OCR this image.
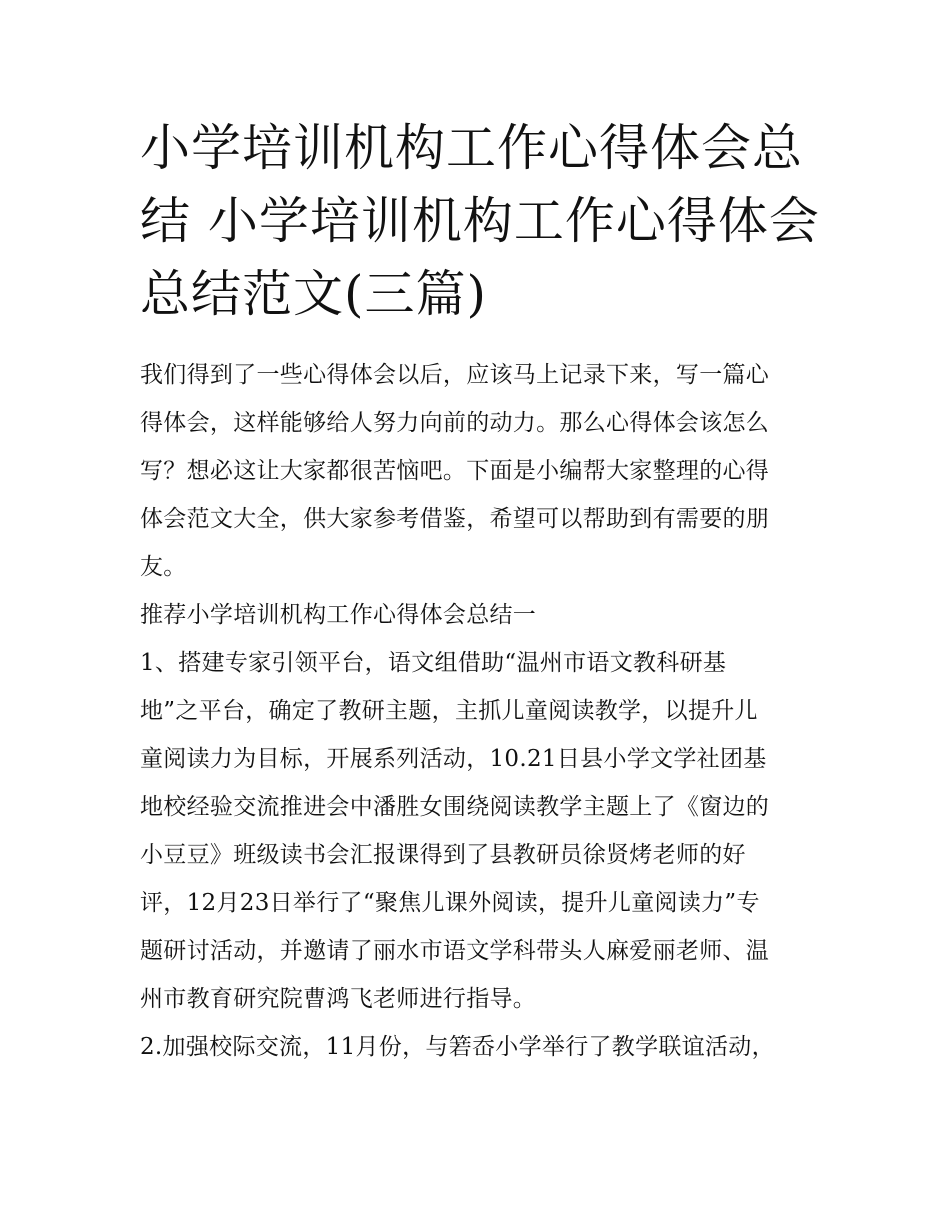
小学培训机构工作心得体会总
结 小学培训机构工作心得体会
总结范文(三篇)

我们得到了一些心得体会以后，应该马上记录下来，写一篇心
得体会，这样能够给人努力向前的动力。那么心得体会该怎么
写？想必这让大家都很苦恼吧。下面是小编帮大家整理的心得
体会范文大全，供大家参考借鉴，希望可以帮助到有需要的朋
友。

推荐小学培训机构工作心得体会总结一

1、搭建专家引领平台，语文组借助“温州市语文教科研基
地”之平台，确定了教研主题，主抓儿童阅读教学，以提升儿
童阅读力为目标，开展系列活动，10.21日县小学文学社团基
地校经验交流推进会中潘胜女围绕阅读教学主题上了《窗边的
小豆豆》班级读书会汇报课得到了县教研员徐贤烤老师的好
评，12月23日举行了“聚焦儿课外阅读，提升儿童阅读力”专
题研讨活动，并邀请了丽水市语文学科带头人麻爱丽老师、温
州市教育研究院曹鸿飞老师进行指导。

2.加强校际交流，11月份，与箬岙小学举行了教学联谊活动，
